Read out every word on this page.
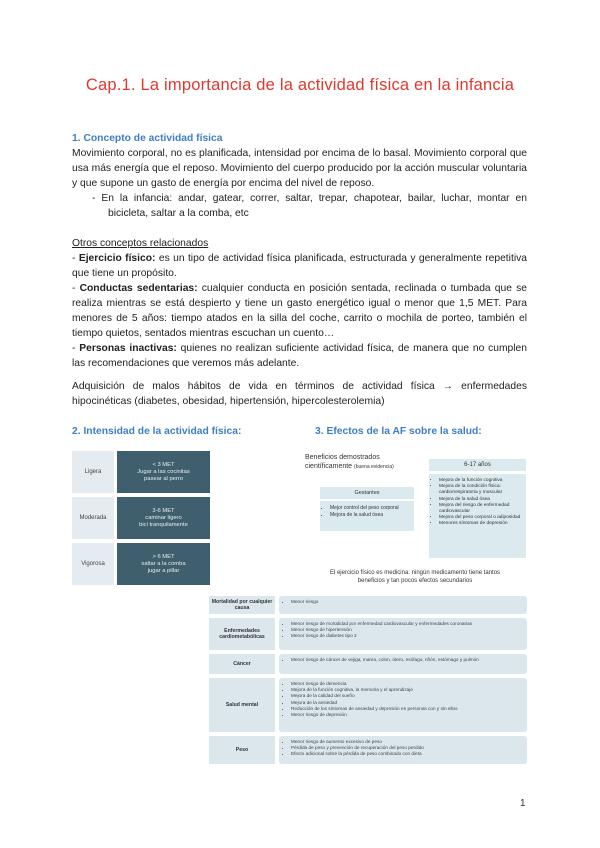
Cap.1. La importancia de la actividad física en la infancia
1. Concepto de actividad física
Movimiento corporal, no es planificada, intensidad por encima de lo basal. Movimiento corporal que usa más energía que el reposo. Movimiento del cuerpo producido por la acción muscular voluntaria y que supone un gasto de energía por encima del nivel de reposo.
- En la infancia: andar, gatear, correr, saltar, trepar, chapotear, bailar, luchar, montar en bicicleta, saltar a la comba, etc
Otros conceptos relacionados
- Ejercicio físico: es un tipo de actividad física planificada, estructurada y generalmente repetitiva que tiene un propósito.
- Conductas sedentarias: cualquier conducta en posición sentada, reclinada o tumbada que se realiza mientras se está despierto y tiene un gasto energético igual o menor que 1,5 MET. Para menores de 5 años: tiempo atados en la silla del coche, carrito o mochila de porteo, también el tiempo quietos, sentados mientras escuchan un cuento…
- Personas inactivas: quienes no realizan suficiente actividad física, de manera que no cumplen las recomendaciones que veremos más adelante.
Adquisición de malos hábitos de vida en términos de actividad física → enfermedades hipocinéticas (diabetes, obesidad, hipertensión, hipercolesterolemia)
2. Intensidad de la actividad física:	3. Efectos de la AF sobre la salud:
Ligera
< 3 MET
Jugar a las cocinitas
pasear al perro
Moderada
3-6 MET
caminar ligero
bici tranquilamente
Vigorosa
> 6 MET
saltar a la comba
jugar a pillar
Beneficios demostrados
científicamente (buena evidencia)	6-17 años
• Mejora de la función cognitiva
• Mejora de la condición física: cardiorrespiratoria y muscular
• Mejora de la salud ósea
• Mejora del riesgo de enfermedad cardiovascular
• Mejora del peso corporal o adiposidad
• Menores síntomas de depresión
Gestantes
• Mejor control del peso corporal
• Mejora de la salud ósea
El ejercicio físico es medicina: ningún medicamento tiene tantos
beneficios y tan pocos efectos secundarios
Mortalidad por cualquier causa
• Menor riesgo
Enfermedades cardiometabólicas
• Menor riesgo de mortalidad por enfermedad cardiovascular y enfermedades coronarias
• Menor riesgo de hipertensión
• Menor riesgo de diabetes tipo 2
Cáncer
• Menor riesgo de cáncer de vejiga, mama, colon, útero, esófago, riñón, estómago y pulmón
Salud mental
• Menor riesgo de demencia
• Mejora de la función cognitiva, la memoria y el aprendizaje
• Mejora de la calidad del sueño
• Mejora de la ansiedad
• Reducción de los síntomas de ansiedad y depresión en personas con y sin ellos
• Menor riesgo de depresión
Peso
• Menor riesgo de aumento excesivo de peso
• Pérdida de peso y prevención de recuperación del peso perdido
• Efecto adicional sobre la pérdida de peso combinado con dieta
1
